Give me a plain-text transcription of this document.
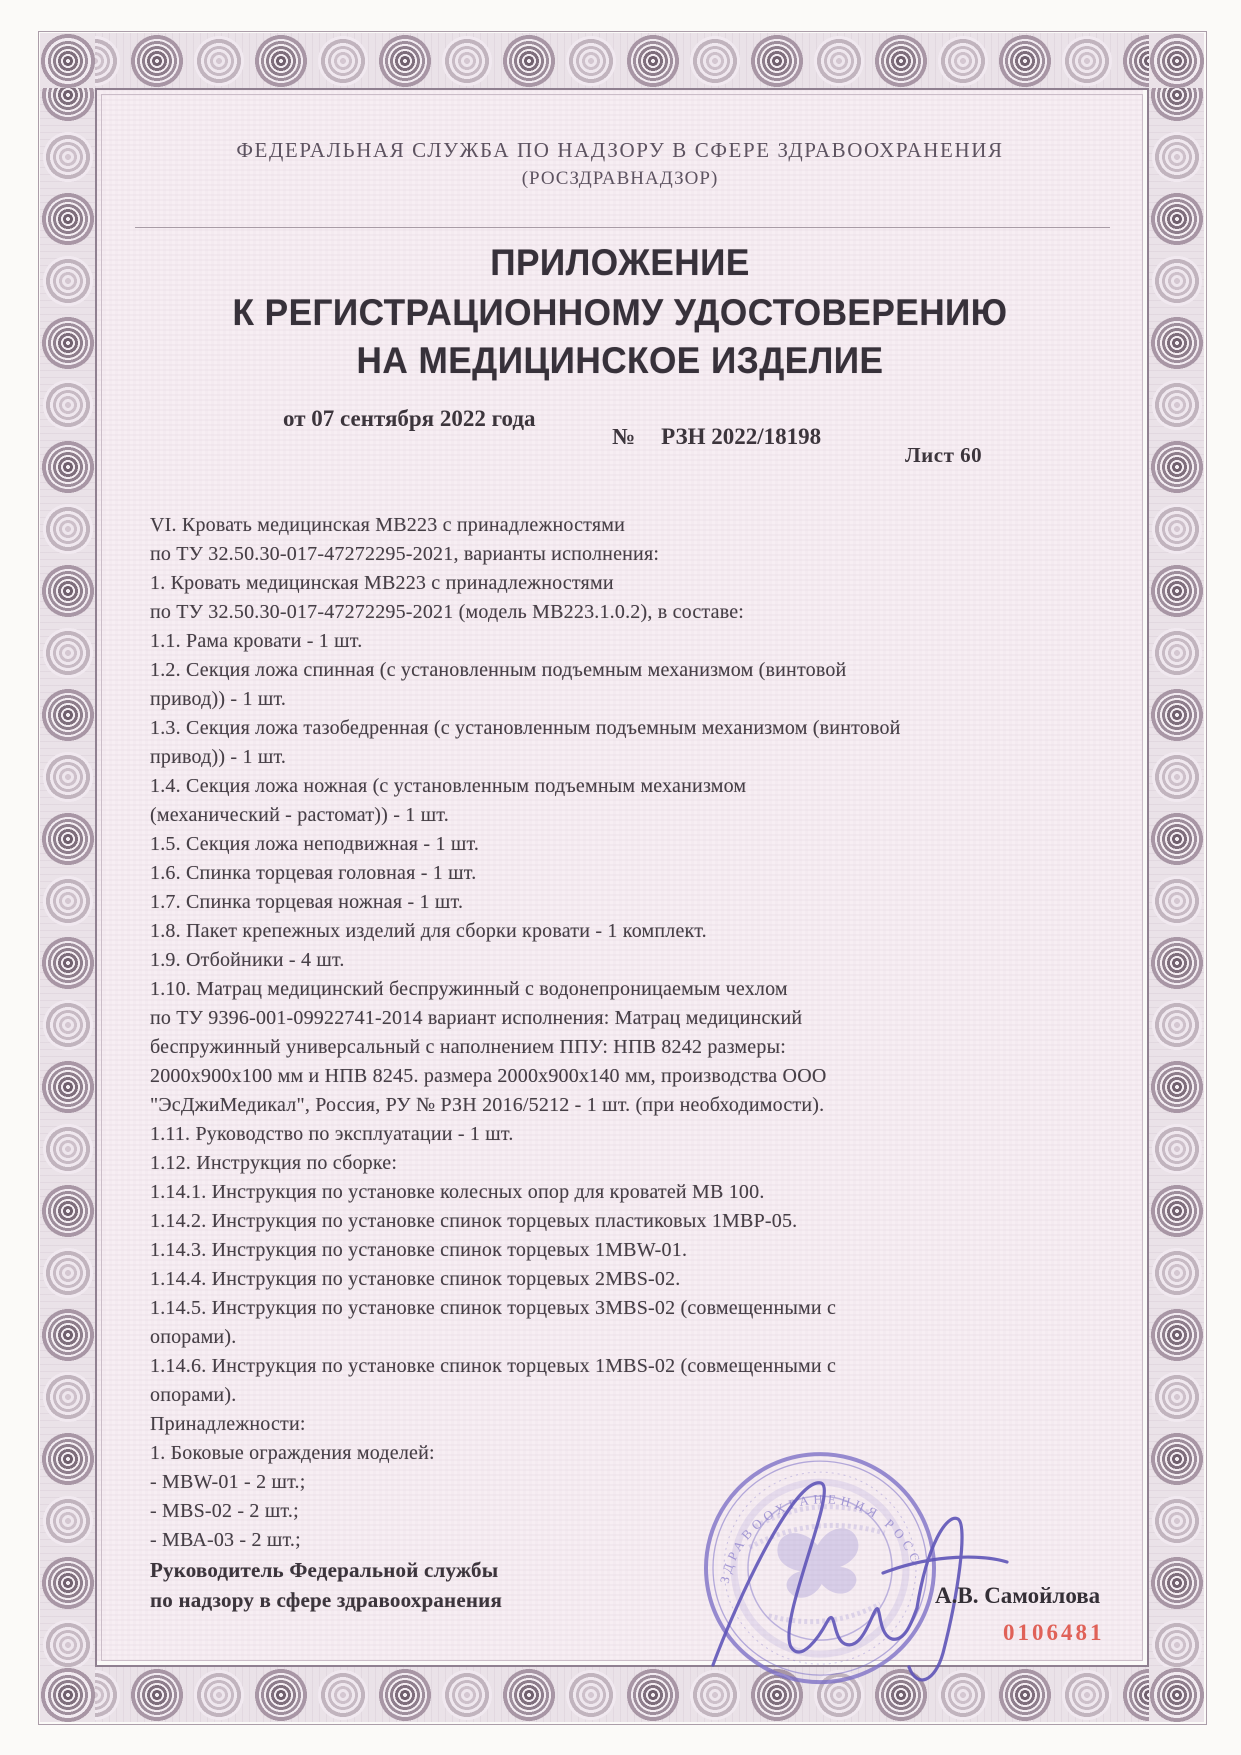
ФЕДЕРАЛЬНАЯ СЛУЖБА ПО НАДЗОРУ В СФЕРЕ ЗДРАВООХРАНЕНИЯ
(РОСЗДРАВНАДЗОР)
ПРИЛОЖЕНИЕ
К РЕГИСТРАЦИОННОМУ УДОСТОВЕРЕНИЮ
НА МЕДИЦИНСКОЕ ИЗДЕЛИЕ
от 07 сентября 2022 года
№ РЗН 2022/18198
Лист 60
VI. Кровать медицинская МВ223 с принадлежностями
по ТУ 32.50.30-017-47272295-2021, варианты исполнения:
1. Кровать медицинская МВ223 с принадлежностями
по ТУ 32.50.30-017-47272295-2021 (модель МВ223.1.0.2), в составе:
1.1. Рама кровати - 1 шт.
1.2. Секция ложа спинная (с установленным подъемным механизмом (винтовой
привод)) - 1 шт.
1.3. Секция ложа тазобедренная (с установленным подъемным механизмом (винтовой
привод)) - 1 шт.
1.4. Секция ложа ножная (с установленным подъемным механизмом
(механический - растомат)) - 1 шт.
1.5. Секция ложа неподвижная - 1 шт.
1.6. Спинка торцевая головная - 1 шт.
1.7. Спинка торцевая ножная - 1 шт.
1.8. Пакет крепежных изделий для сборки кровати - 1 комплект.
1.9. Отбойники - 4 шт.
1.10. Матрац медицинский беспружинный с водонепроницаемым чехлом
по ТУ 9396-001-09922741-2014 вариант исполнения: Матрац медицинский
беспружинный универсальный с наполнением ППУ: НПВ 8242 размеры:
2000х900х100 мм и НПВ 8245. размера 2000х900х140 мм, производства ООО
"ЭсДжиМедикал", Россия, РУ № РЗН 2016/5212 - 1 шт. (при необходимости).
1.11. Руководство по эксплуатации - 1 шт.
1.12. Инструкция по сборке:
1.14.1. Инструкция по установке колесных опор для кроватей МВ 100.
1.14.2. Инструкция по установке спинок торцевых пластиковых 1МВР-05.
1.14.3. Инструкция по установке спинок торцевых 1MBW-01.
1.14.4. Инструкция по установке спинок торцевых 2MBS-02.
1.14.5. Инструкция по установке спинок торцевых 3MBS-02 (совмещенными с
опорами).
1.14.6. Инструкция по установке спинок торцевых 1MBS-02 (совмещенными с
опорами).
Принадлежности:
1. Боковые ограждения моделей:
- MBW-01 - 2 шт.;
- MBS-02 - 2 шт.;
- МВА-03 - 2 шт.;
Руководитель Федеральной службы
по надзору в сфере здравоохранения	А.В. Самойлова
0106481
ЗДРАВООХРАНЕНИЯ РОСС
